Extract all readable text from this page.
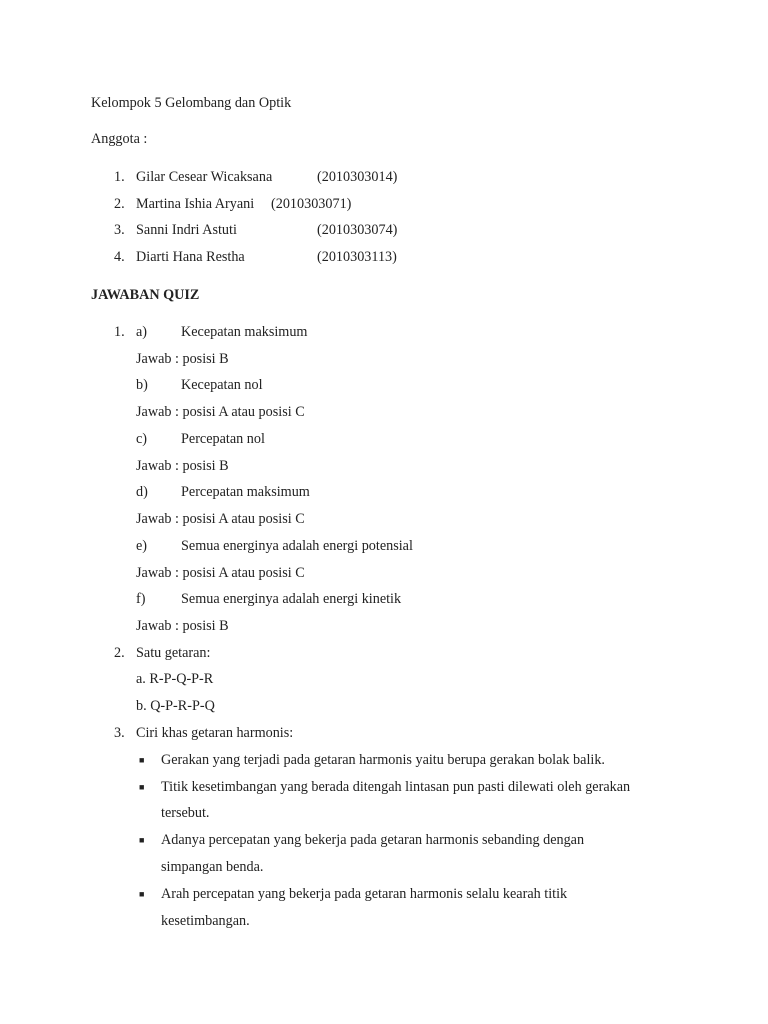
Kelompok 5 Gelombang dan Optik
Anggota :
1. Gilar Cesear Wicaksana	(2010303014)
2. Martina Ishia Aryani (2010303071)
3. Sanni Indri Astuti	(2010303074)
4. Diarti Hana Restha	(2010303113)
JAWABAN QUIZ
1. a) Kecepatan maksimum
Jawab : posisi B
b) Kecepatan nol
Jawab : posisi A atau posisi C
c) Percepatan nol
Jawab : posisi B
d) Percepatan maksimum
Jawab : posisi A atau posisi C
e) Semua energinya adalah energi potensial
Jawab : posisi A atau posisi C
f)	Semua energinya adalah energi kinetik
Jawab : posisi B
2. Satu getaran:
a. R-P-Q-P-R
b. Q-P-R-P-Q
3. Ciri khas getaran harmonis:
■ Gerakan yang terjadi pada getaran harmonis yaitu berupa gerakan bolak balik.
■ Titik kesetimbangan yang berada ditengah lintasan pun pasti dilewati oleh gerakan
tersebut.
■ Adanya percepatan yang bekerja pada getaran harmonis sebanding dengan
simpangan benda.
■ Arah percepatan yang bekerja pada getaran harmonis selalu kearah titik
kesetimbangan.
